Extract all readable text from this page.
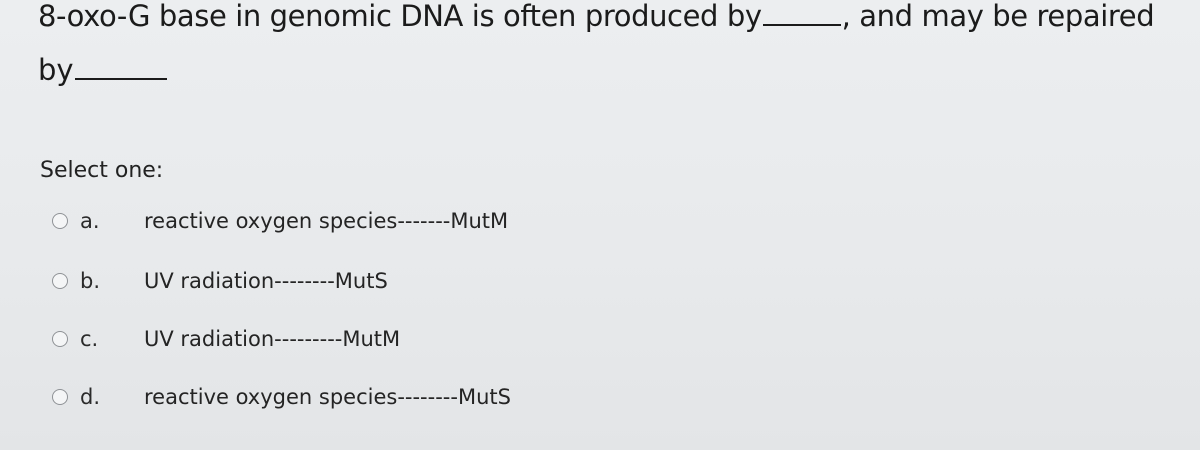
8-oxo-G base in genomic DNA is often produced by	, and may be repaired
by
Select one:
a.	reactive oxygen species-------MutM
b.	UV radiation--------MutS
c.	UV radiation---------MutM
d.	reactive oxygen species--------MutS
